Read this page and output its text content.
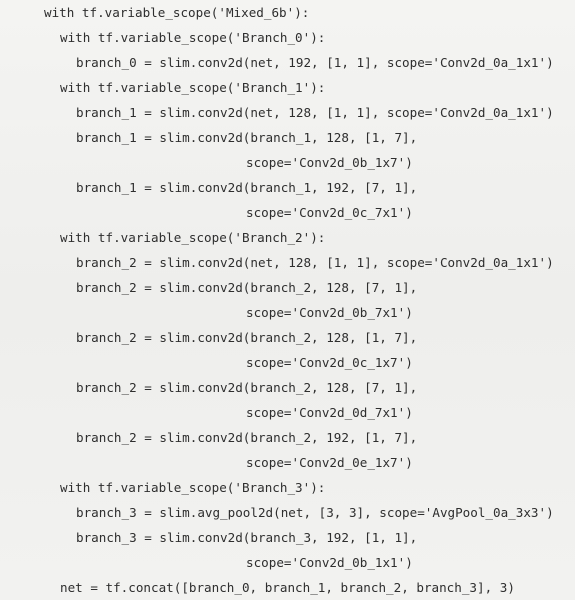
with tf.variable_scope('Mixed_6b'):
with tf.variable_scope('Branch_0'):
branch_0 = slim.conv2d(net, 192, [1, 1], scope='Conv2d_0a_1x1')
with tf.variable_scope('Branch_1'):
branch_1 = slim.conv2d(net, 128, [1, 1], scope='Conv2d_0a_1x1')
branch_1 = slim.conv2d(branch_1, 128, [1, 7],
scope='Conv2d_0b_1x7')
branch_1 = slim.conv2d(branch_1, 192, [7, 1],
scope='Conv2d_0c_7x1')
with tf.variable_scope('Branch_2'):
branch_2 = slim.conv2d(net, 128, [1, 1], scope='Conv2d_0a_1x1')
branch_2 = slim.conv2d(branch_2, 128, [7, 1],
scope='Conv2d_0b_7x1')
branch_2 = slim.conv2d(branch_2, 128, [1, 7],
scope='Conv2d_0c_1x7')
branch_2 = slim.conv2d(branch_2, 128, [7, 1],
scope='Conv2d_0d_7x1')
branch_2 = slim.conv2d(branch_2, 192, [1, 7],
scope='Conv2d_0e_1x7')
with tf.variable_scope('Branch_3'):
branch_3 = slim.avg_pool2d(net, [3, 3], scope='AvgPool_0a_3x3')
branch_3 = slim.conv2d(branch_3, 192, [1, 1],
scope='Conv2d_0b_1x1')
net = tf.concat([branch_0, branch_1, branch_2, branch_3], 3)
